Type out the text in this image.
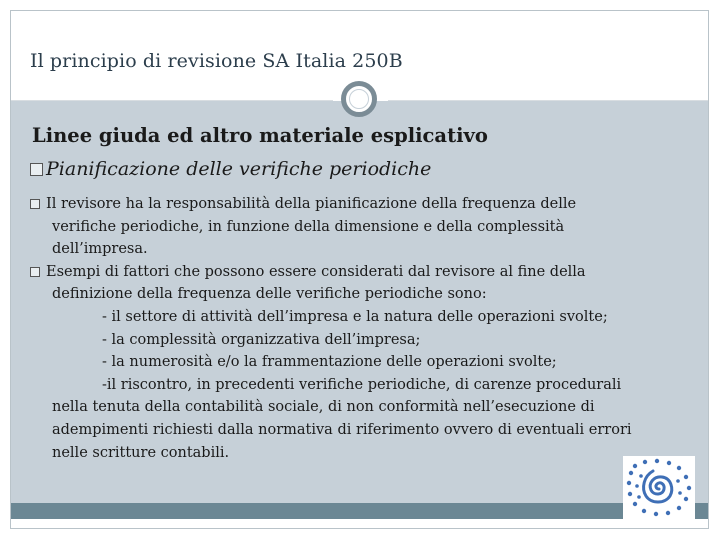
Il principio di revisione SA Italia 250B
Linee giuda ed altro materiale esplicativo
Pianificazione delle verifiche periodiche
Il revisore ha la responsabilità della pianificazione della frequenza delle
verifiche periodiche, in funzione della dimensione e della complessità
dell’impresa.
Esempi di fattori che possono essere considerati dal revisore al fine della
definizione della frequenza delle verifiche periodiche sono:
- il settore di attività dell’impresa e la natura delle operazioni svolte;
- la complessità organizzativa dell’impresa;
- la numerosità e/o la frammentazione delle operazioni svolte;
-il riscontro, in precedenti verifiche periodiche, di carenze procedurali
nella tenuta della contabilità sociale, di non conformità nell’esecuzione di
adempimenti richiesti dalla normativa di riferimento ovvero di eventuali errori
nelle scritture contabili.
